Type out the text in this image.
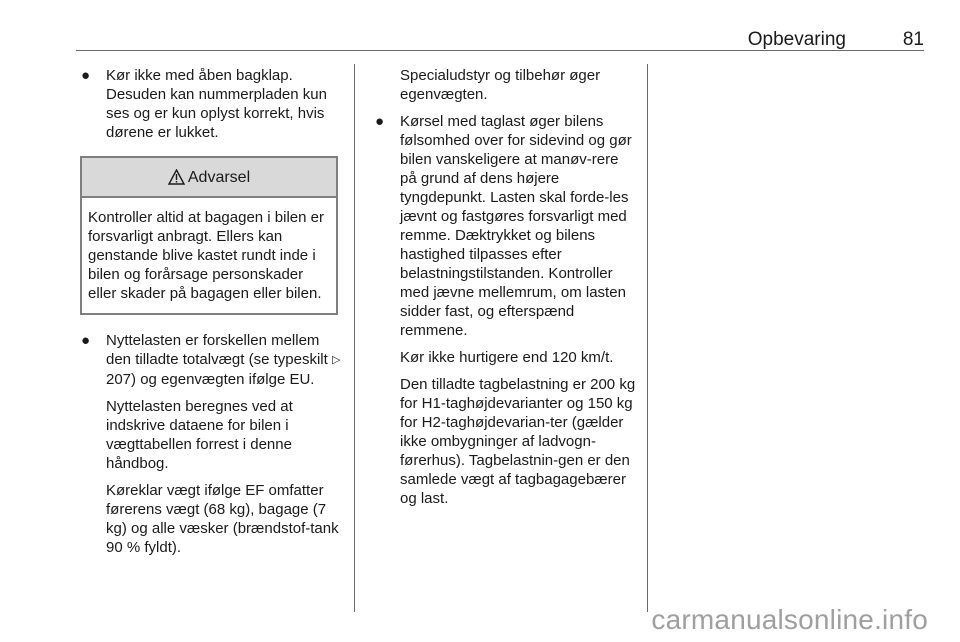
Opbevaring	81
●	Kør ikke med åben bagklap. Desuden kan nummerpladen kun ses og er kun oplyst korrekt, hvis dørene er lukket.
Advarsel
Kontroller altid at bagagen i bilen er forsvarligt anbragt. Ellers kan genstande blive kastet rundt inde i bilen og forårsage personskader eller skader på bagagen eller bilen.
●	Nyttelasten er forskellen mellem den tilladte totalvægt (se typeskilt ▷ 207) og egenvægten ifølge EU.

Nyttelasten beregnes ved at indskrive dataene for bilen i vægttabellen forrest i denne håndbog.

Køreklar vægt ifølge EF omfatter førerens vægt (68 kg), bagage (7 kg) og alle væsker (brændstof-tank 90 % fyldt).

Specialudstyr og tilbehør øger egenvægten.

●	Kørsel med taglast øger bilens følsomhed over for sidevind og gør bilen vanskeligere at manøv-rere på grund af dens højere tyngdepunkt. Lasten skal forde-les jævnt og fastgøres forsvarligt med remme. Dæktrykket og bilens hastighed tilpasses efter belastningstilstanden. Kontroller med jævne mellemrum, om lasten sidder fast, og efterspænd remmene.

Kør ikke hurtigere end 120 km/t.

Den tilladte tagbelastning er 200 kg for H1-taghøjdevarianter og 150 kg for H2-taghøjdevarian-ter (gælder ikke ombygninger af ladvogn-førerhus). Tagbelastnin-gen er den samlede vægt af tagbagagebærer og last.

carmanualsonline.info
